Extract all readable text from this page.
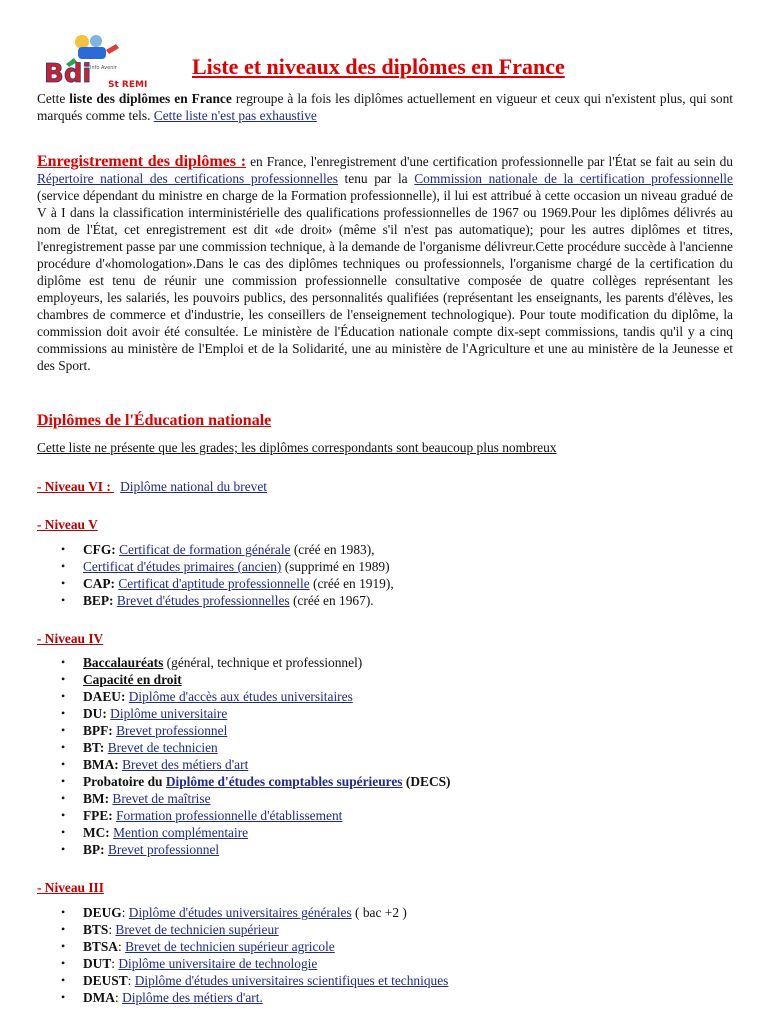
Bdi
Info Avenir
St REMI
Liste et niveaux des diplômes en France

Cette liste des diplômes en France regroupe à la fois les diplômes actuellement en vigueur et ceux qui n'existent plus, qui sont marqués comme tels. Cette liste n'est pas exhaustive

Enregistrement des diplômes : en France, l'enregistrement d'une certification professionnelle par l'État se fait au sein du Répertoire national des certifications professionnelles tenu par la Commission nationale de la certification professionnelle (service dépendant du ministre en charge de la Formation professionnelle), il lui est attribué à cette occasion un niveau gradué de V à I dans la classification interministérielle des qualifications professionnelles de 1967 ou 1969.Pour les diplômes délivrés au nom de l'État, cet enregistrement est dit «de droit» (même s'il n'est pas automatique); pour les autres diplômes et titres, l'enregistrement passe par une commission technique, à la demande de l'organisme délivreur.Cette procédure succède à l'ancienne procédure d'«homologation».Dans le cas des diplômes techniques ou professionnels, l'organisme chargé de la certification du diplôme est tenu de réunir une commission professionnelle consultative composée de quatre collèges représentant les employeurs, les salariés, les pouvoirs publics, des personnalités qualifiées (représentant les enseignants, les parents d'élèves, les chambres de commerce et d'industrie, les conseillers de l'enseignement technologique). Pour toute modification du diplôme, la commission doit avoir été consultée. Le ministère de l'Éducation nationale compte dix-sept commissions, tandis qu'il y a cinq commissions au ministère de l'Emploi et de la Solidarité, une au ministère de l'Agriculture et une au ministère de la Jeunesse et des Sport.

Diplômes de l'Éducation nationale

Cette liste ne présente que les grades; les diplômes correspondants sont beaucoup plus nombreux

- Niveau VI : Diplôme national du brevet

- Niveau V

• CFG: Certificat de formation générale (créé en 1983),
• Certificat d'études primaires (ancien) (supprimé en 1989)
• CAP: Certificat d'aptitude professionnelle (créé en 1919),
• BEP: Brevet d'études professionnelles (créé en 1967).

- Niveau IV

• Baccalauréats (général, technique et professionnel)
• Capacité en droit
• DAEU: Diplôme d'accès aux études universitaires
• DU: Diplôme universitaire
• BPF: Brevet professionnel
• BT: Brevet de technicien
• BMA: Brevet des métiers d'art
• Probatoire du Diplôme d'études comptables supérieures (DECS)
• BM: Brevet de maîtrise
• FPE: Formation professionnelle d'établissement
• MC: Mention complémentaire
• BP: Brevet professionnel

- Niveau III

• DEUG: Diplôme d'études universitaires générales ( bac +2 )
• BTS: Brevet de technicien supérieur
• BTSA: Brevet de technicien supérieur agricole
• DUT: Diplôme universitaire de technologie
• DEUST: Diplôme d'études universitaires scientifiques et techniques
• DMA: Diplôme des métiers d'art.
